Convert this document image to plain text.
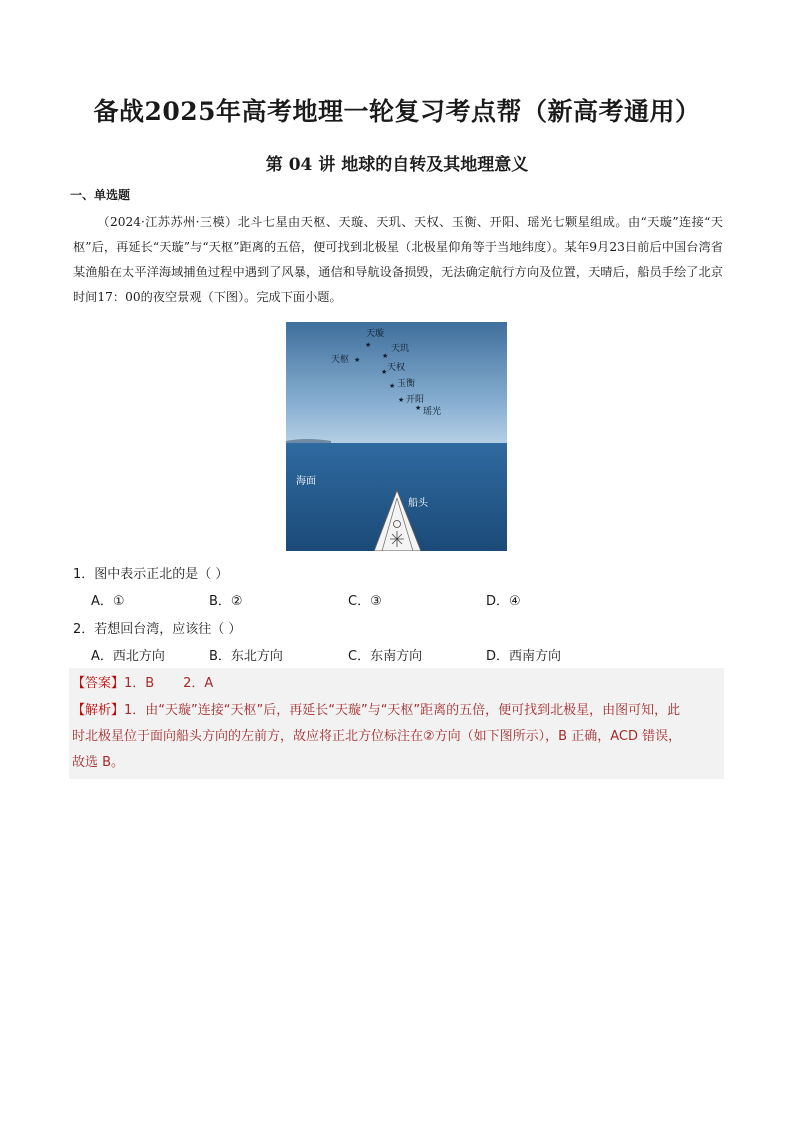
备战2025年高考地理一轮复习考点帮（新高考通用）
第 04 讲 地球的自转及其地理意义
一、单选题
（2024·江苏苏州·三模）北斗七星由天枢、天璇、天玑、天权、玉衡、开阳、瑶光七颗星组成。由“天璇”连接“天枢”后，再延长“天璇”与“天枢”距离的五倍，便可找到北极星（北极星仰角等于当地纬度）。某年9月23日前后中国台湾省某渔船在太平洋海域捕鱼过程中遇到了风暴，通信和导航设备损毁，无法确定航行方向及位置，天晴后，船员手绘了北京时间17：00的夜空景观（下图）。完成下面小题。
天璇
★ 天玑
★
天枢 ★
天权
★
玉衡
★
开阳
★
瑶光
★
海面
船头
1．图中表示正北的是（ ）
A．①	B．②	C．③	D．④
2．若想回台湾，应该往（ ）
A．西北方向	B．东北方向	C．东南方向	D．西南方向
【答案】1．B       2．A
【解析】1．由“天璇”连接“天枢”后，再延长“天璇”与“天枢”距离的五倍，便可找到北极星，由图可知，此
时北极星位于面向船头方向的左前方，故应将正北方位标注在②方向（如下图所示），B 正确，ACD 错误，
故选 B。
